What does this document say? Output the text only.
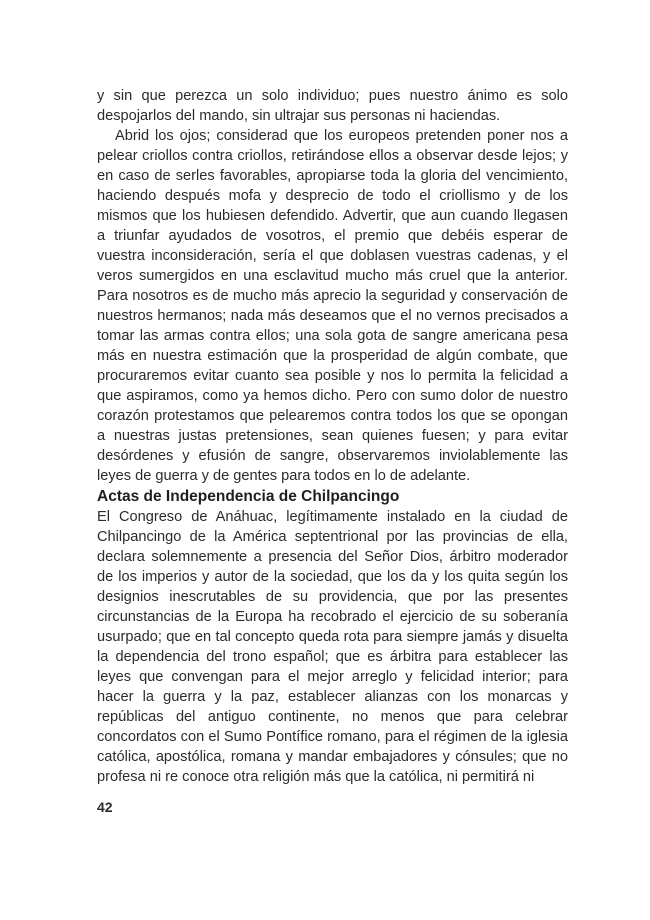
y sin que perezca un solo individuo; pues nuestro ánimo es solo despojarlos del mando, sin ultrajar sus personas ni haciendas.

Abrid los ojos; considerad que los europeos pretenden poner nos a pelear criollos contra criollos, retirándose ellos a observar desde lejos; y en caso de serles favorables, apropiarse toda la gloria del vencimiento, haciendo después mofa y desprecio de todo el criollismo y de los mismos que los hubiesen defendido. Advertir, que aun cuando llegasen a triunfar ayudados de vosotros, el premio que debéis esperar de vuestra inconsideración, sería el que doblasen vuestras cadenas, y el veros sumergidos en una esclavitud mucho más cruel que la anterior. Para nosotros es de mucho más aprecio la seguridad y conservación de nuestros hermanos; nada más deseamos que el no vernos precisados a tomar las armas contra ellos; una sola gota de sangre americana pesa más en nuestra estimación que la prosperidad de algún combate, que procuraremos evitar cuanto sea posible y nos lo permita la felicidad a que aspiramos, como ya hemos dicho. Pero con sumo dolor de nuestro corazón protestamos que pelearemos contra todos los que se opongan a nuestras justas pretensiones, sean quienes fuesen; y para evitar desórdenes y efusión de sangre, observaremos inviolablemente las leyes de guerra y de gentes para todos en lo de adelante.

Actas de Independencia de Chilpancingo

El Congreso de Anáhuac, legítimamente instalado en la ciudad de Chilpancingo de la América septentrional por las provincias de ella, declara solemnemente a presencia del Señor Dios, árbitro moderador de los imperios y autor de la sociedad, que los da y los quita según los designios inescrutables de su providencia, que por las presentes circunstancias de la Europa ha recobrado el ejercicio de su soberanía usurpado; que en tal concepto queda rota para siempre jamás y disuelta la dependencia del trono español; que es árbitra para establecer las leyes que convengan para el mejor arreglo y felicidad interior; para hacer la guerra y la paz, establecer alianzas con los monarcas y repúblicas del antiguo continente, no menos que para celebrar concordatos con el Sumo Pontífice romano, para el régimen de la iglesia católica, apostólica, romana y mandar embajadores y cónsules; que no profesa ni re conoce otra religión más que la católica, ni permitirá ni

42
